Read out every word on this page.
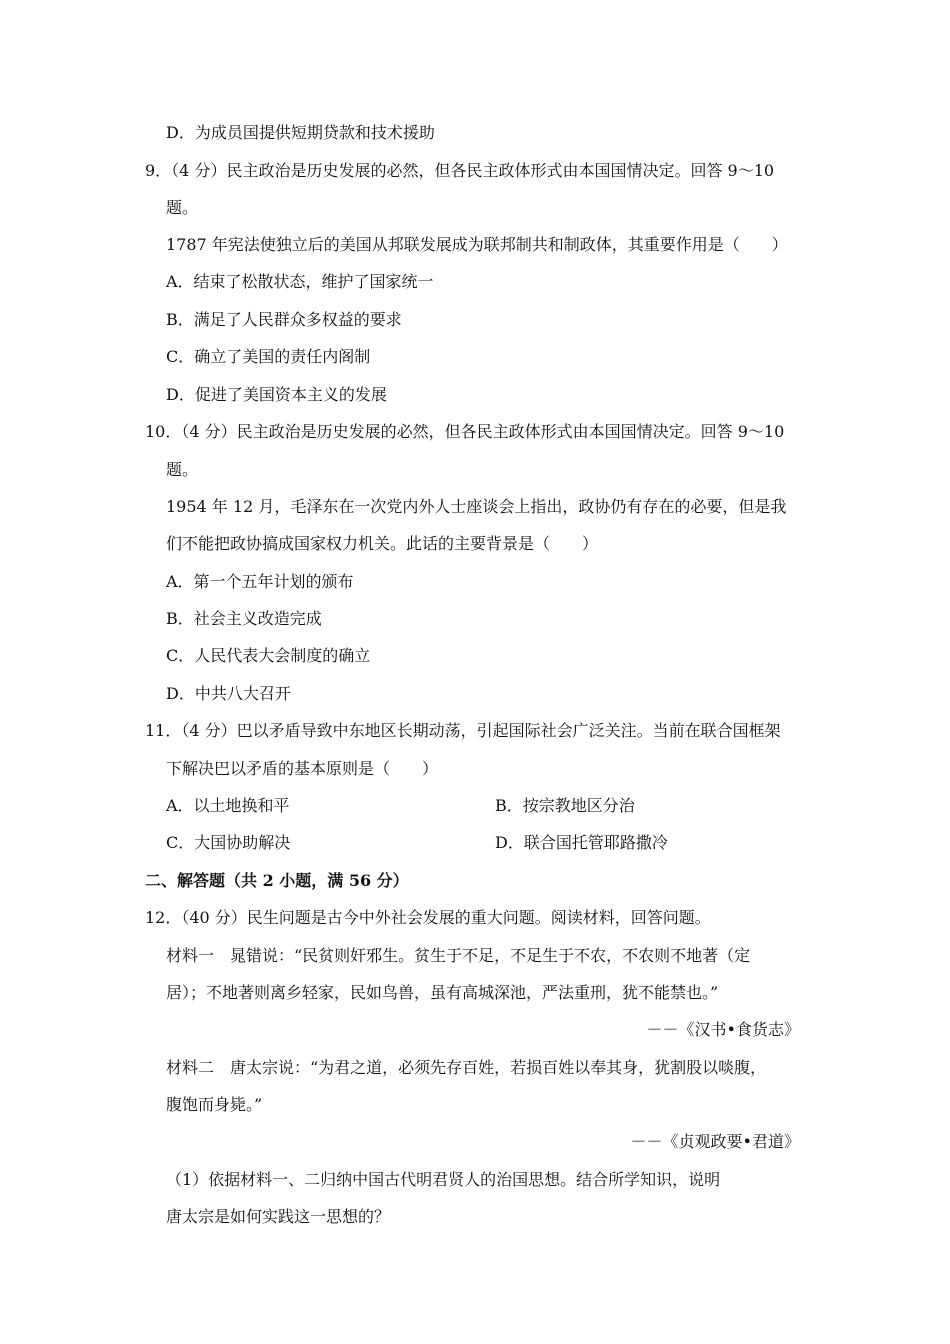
D．为成员国提供短期贷款和技术援助
9．（4 分）民主政治是历史发展的必然，但各民主政体形式由本国国情决定。回答 9～10
题。
1787 年宪法使独立后的美国从邦联发展成为联邦制共和制政体，其重要作用是（　　）
A．结束了松散状态，维护了国家统一
B．满足了人民群众多权益的要求
C．确立了美国的责任内阁制
D．促进了美国资本主义的发展
10．（4 分）民主政治是历史发展的必然，但各民主政体形式由本国国情决定。回答 9～10
题。
1954 年 12 月，毛泽东在一次党内外人士座谈会上指出，政协仍有存在的必要，但是我
们不能把政协搞成国家权力机关。此话的主要背景是（　　）
A．第一个五年计划的颁布
B．社会主义改造完成
C．人民代表大会制度的确立
D．中共八大召开
11．（4 分）巴以矛盾导致中东地区长期动荡，引起国际社会广泛关注。当前在联合国框架
下解决巴以矛盾的基本原则是（　　）
A．以土地换和平	B．按宗教地区分治
C．大国协助解决	D．联合国托管耶路撒冷
二、解答题（共 2 小题，满 56 分）
12．（40 分）民生问题是古今中外社会发展的重大问题。阅读材料，回答问题。
材料一　晁错说：“民贫则奸邪生。贫生于不足，不足生于不农，不农则不地著（定
居）；不地著则离乡轻家，民如鸟兽，虽有高城深池，严法重刑，犹不能禁也。”
－－《汉书•食货志》
材料二　唐太宗说：“为君之道，必须先存百姓，若损百姓以奉其身，犹割股以啖腹，
腹饱而身毙。”
－－《贞观政要•君道》
（1）依据材料一、二归纳中国古代明君贤人的治国思想。结合所学知识，说明
唐太宗是如何实践这一思想的？
